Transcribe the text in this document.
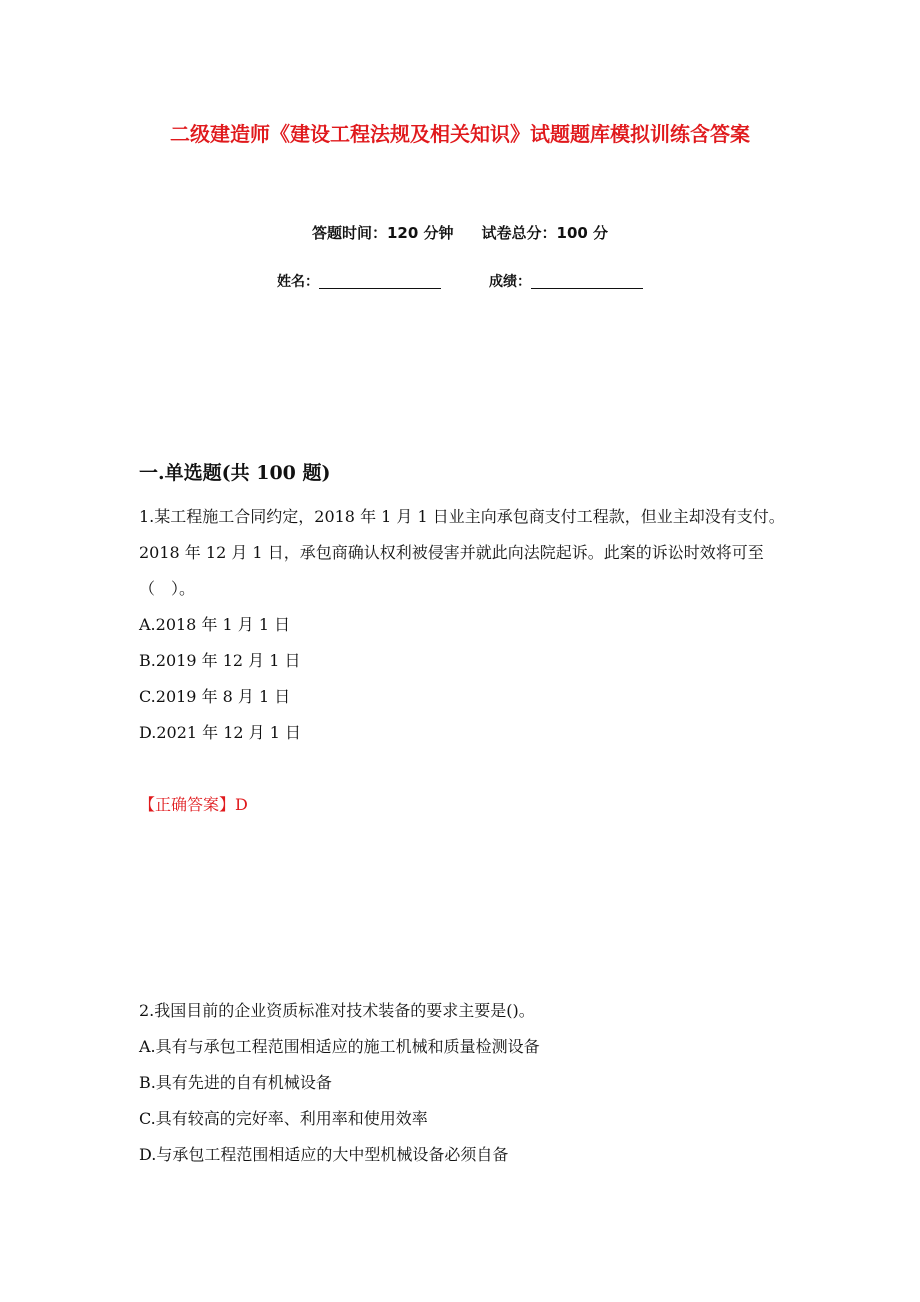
二级建造师《建设工程法规及相关知识》试题题库模拟训练含答案
答题时间：120 分钟 试卷总分：100 分
姓名：	成绩：
一.单选题(共 100 题)

1.某工程施工合同约定，2018 年 1 月 1 日业主向承包商支付工程款，但业主却没有支付。2018 年 12 月 1 日，承包商确认权利被侵害并就此向法院起诉。此案的诉讼时效将可至（　）。

A.2018 年 1 月 1 日

B.2019 年 12 月 1 日

C.2019 年 8 月 1 日

D.2021 年 12 月 1 日

【正确答案】D

2.我国目前的企业资质标准对技术装备的要求主要是()。

A.具有与承包工程范围相适应的施工机械和质量检测设备

B.具有先进的自有机械设备

C.具有较高的完好率、利用率和使用效率

D.与承包工程范围相适应的大中型机械设备必须自备
